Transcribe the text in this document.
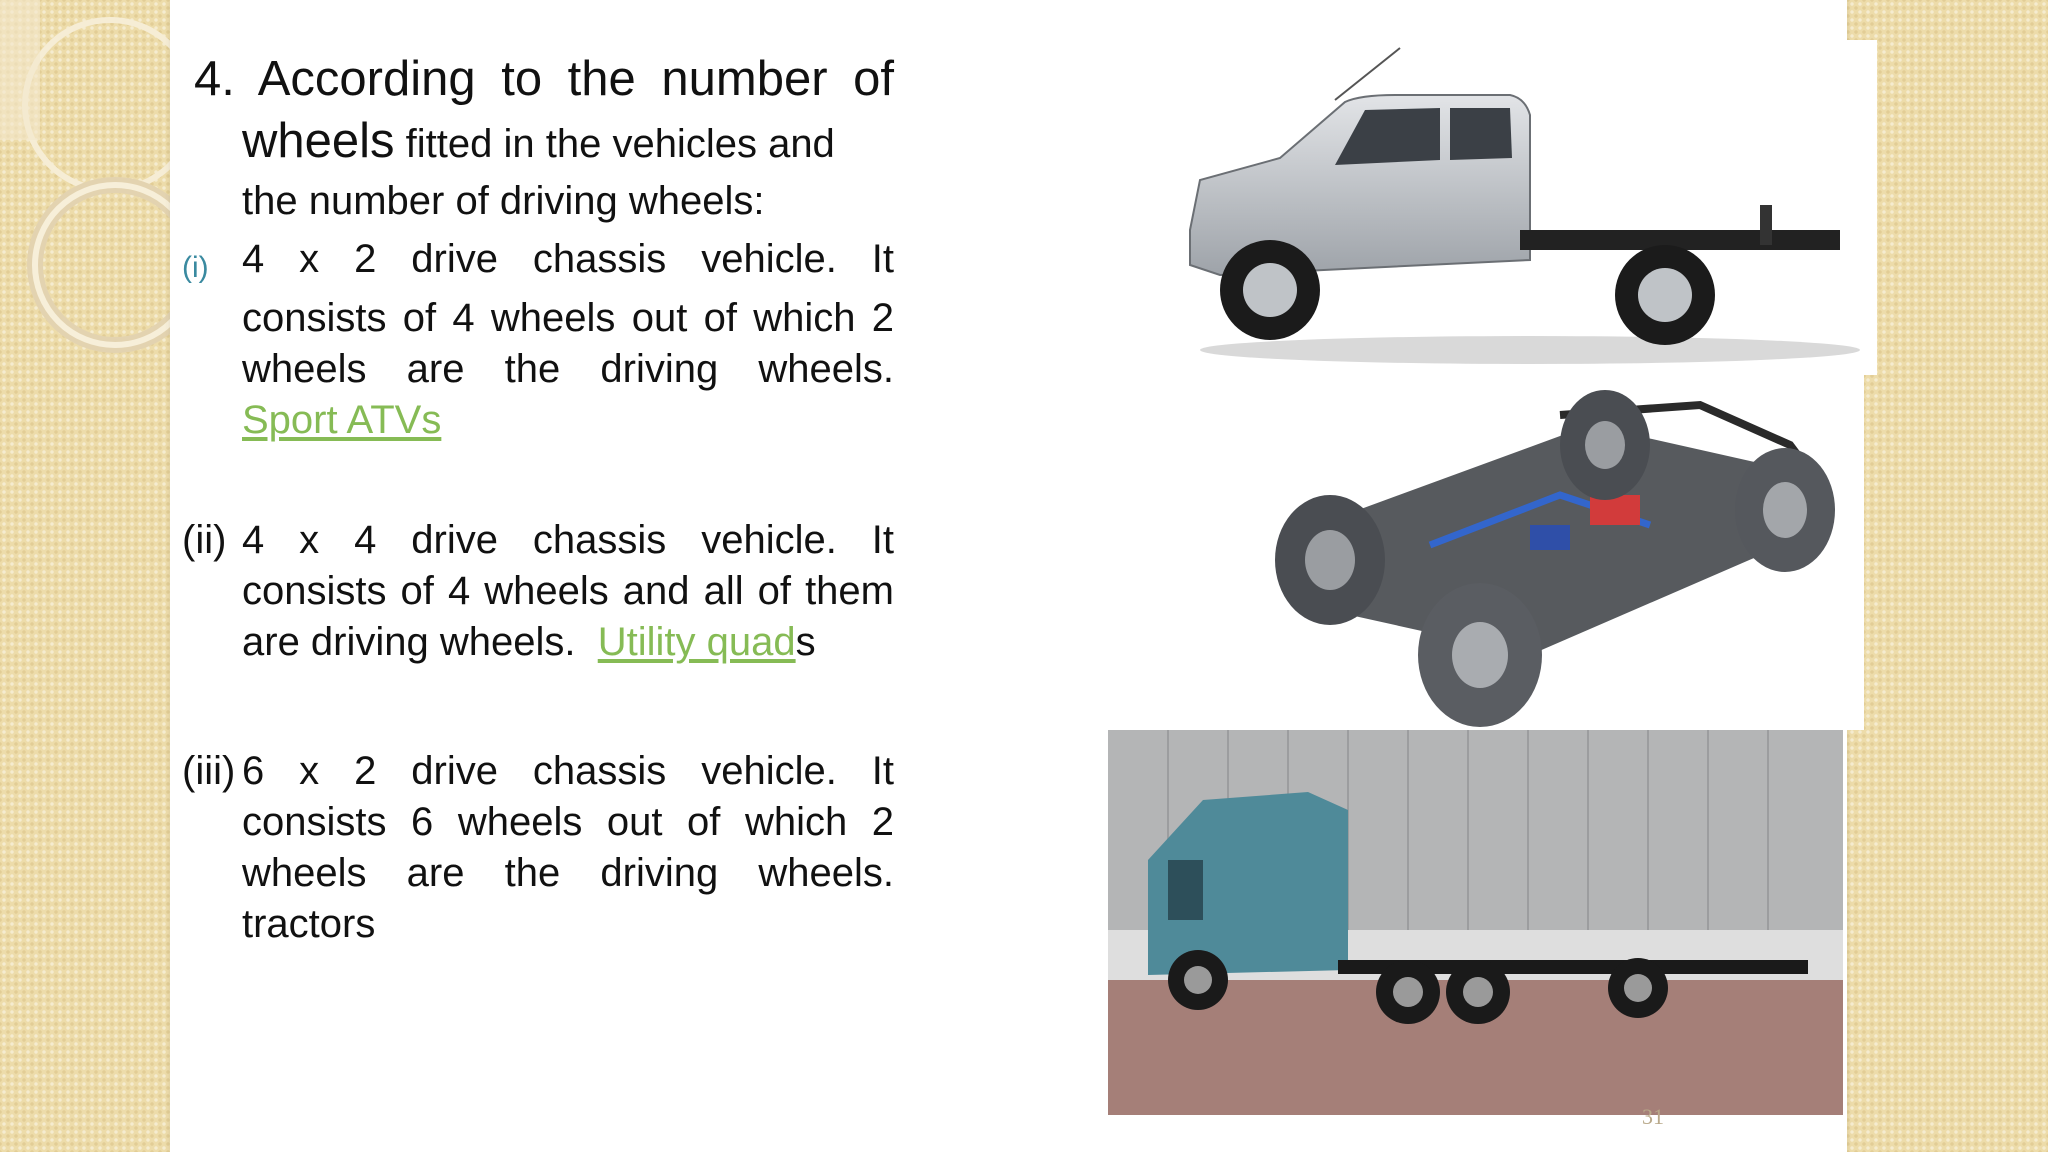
4. According to the number of
wheels fitted in the vehicles and
the number of driving wheels:
(i) 4 x 2 drive chassis vehicle. It
consists of 4 wheels out of which 2
wheels are the driving wheels.
Sport ATVs
(ii) 4 x 4 drive chassis vehicle. It
consists of 4 wheels and all of them
are driving wheels.  Utility quads
(iii) 6 x 2 drive chassis vehicle. It
consists 6 wheels out of which 2
wheels are the driving wheels.
tractors
31
